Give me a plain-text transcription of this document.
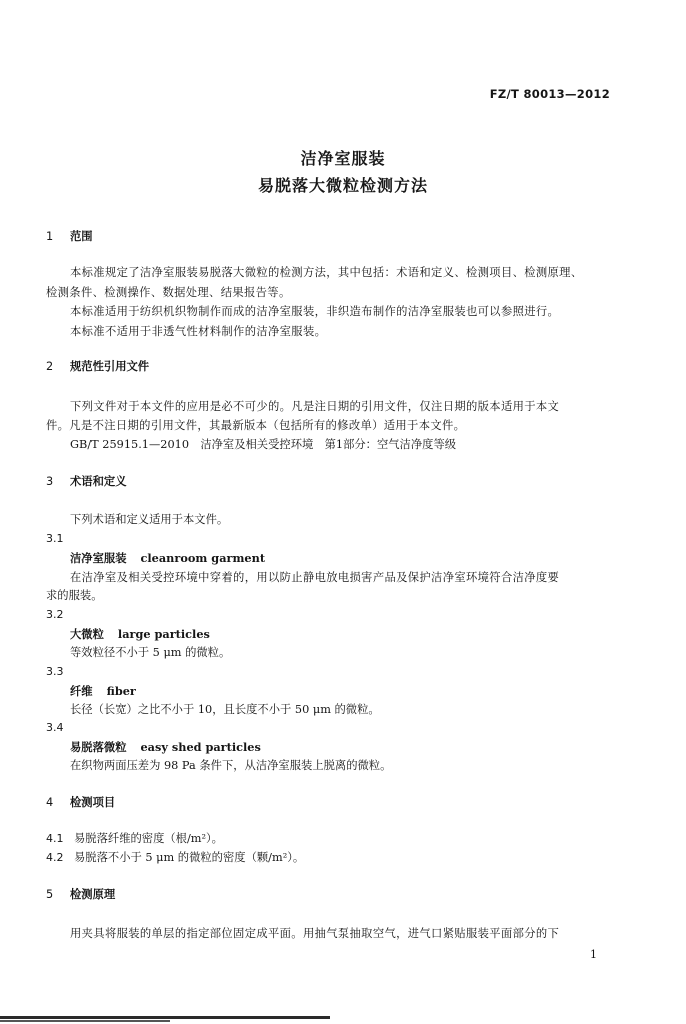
FZ/T 80013—2012
洁净室服装
易脱落大微粒检测方法
1 范围
本标准规定了洁净室服装易脱落大微粒的检测方法，其中包括：术语和定义、检测项目、检测原理、
检测条件、检测操作、数据处理、结果报告等。
本标准适用于纺织机织物制作而成的洁净室服装，非织造布制作的洁净室服装也可以参照进行。
本标准不适用于非透气性材料制作的洁净室服装。
2 规范性引用文件
下列文件对于本文件的应用是必不可少的。凡是注日期的引用文件，仅注日期的版本适用于本文
件。凡是不注日期的引用文件，其最新版本（包括所有的修改单）适用于本文件。
GB/T 25915.1—2010　洁净室及相关受控环境　第1部分：空气洁净度等级
3 术语和定义
下列术语和定义适用于本文件。
3.1
洁净室服装 cleanroom garment
在洁净室及相关受控环境中穿着的，用以防止静电放电损害产品及保护洁净室环境符合洁净度要
求的服装。
3.2
大微粒 large particles
等效粒径不小于 5 μm 的微粒。
3.3
纤维 fiber
长径（长宽）之比不小于 10，且长度不小于 50 μm 的微粒。
3.4
易脱落微粒 easy shed particles
在织物两面压差为 98 Pa 条件下，从洁净室服装上脱离的微粒。
4 检测项目
4.1 易脱落纤维的密度（根/m²）。
4.2 易脱落不小于 5 μm 的微粒的密度（颗/m²）。
5 检测原理
用夹具将服装的单层的指定部位固定成平面。用抽气泵抽取空气，进气口紧贴服装平面部分的下
1
